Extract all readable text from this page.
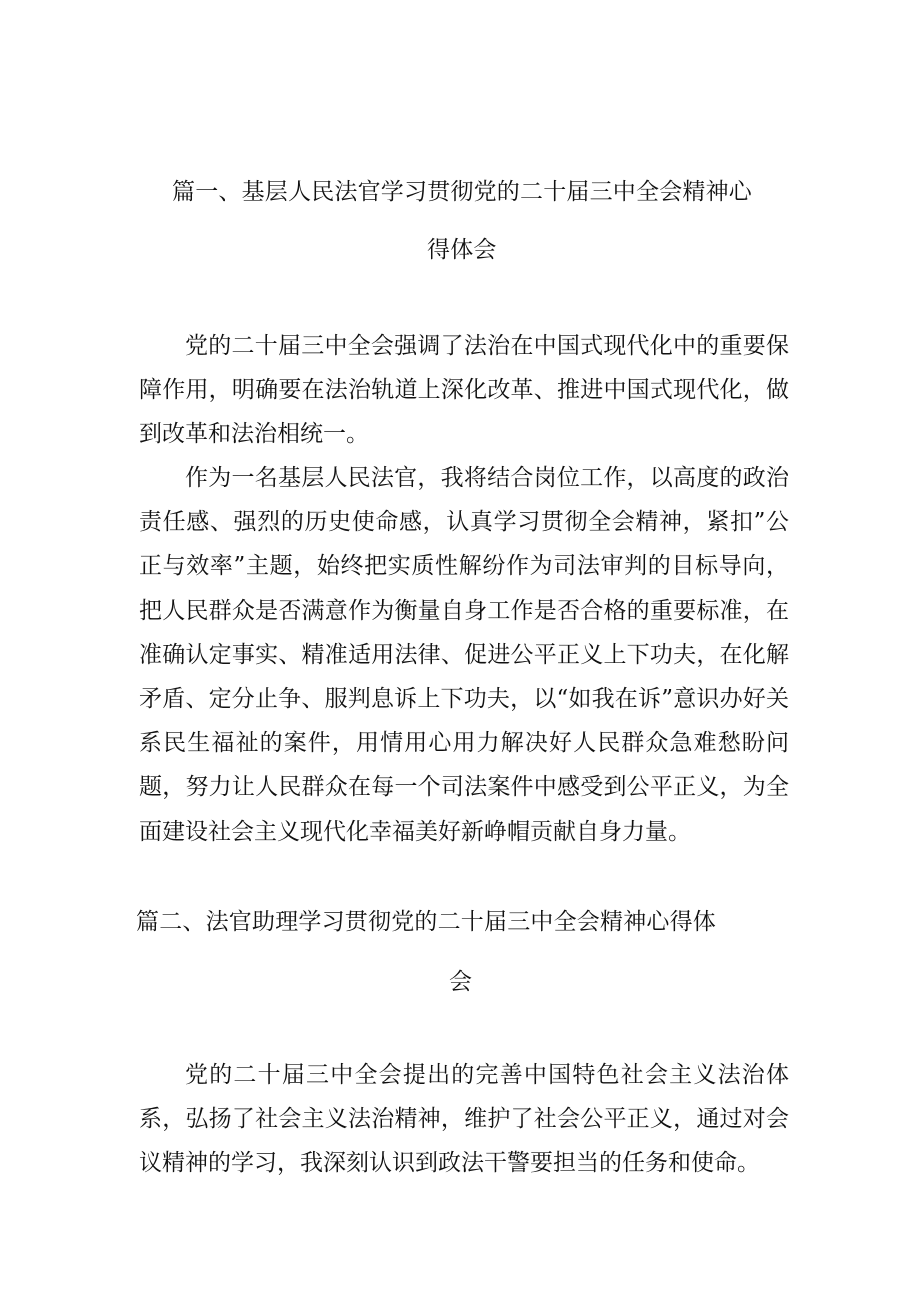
篇一、基层人民法官学习贯彻党的二十届三中全会精神心
得体会

党的二十届三中全会强调了法治在中国式现代化中的重要保障作用，明确要在法治轨道上深化改革、推进中国式现代化，做到改革和法治相统一。

作为一名基层人民法官，我将结合岗位工作，以高度的政治责任感、强烈的历史使命感，认真学习贯彻全会精神，紧扣”公正与效率”主题，始终把实质性解纷作为司法审判的目标导向，把人民群众是否满意作为衡量自身工作是否合格的重要标准，在准确认定事实、精准适用法律、促进公平正义上下功夫，在化解矛盾、定分止争、服判息诉上下功夫，以“如我在诉”意识办好关系民生福祉的案件，用情用心用力解决好人民群众急难愁盼问题，努力让人民群众在每一个司法案件中感受到公平正义，为全面建设社会主义现代化幸福美好新峥帽贡献自身力量。

篇二、法官助理学习贯彻党的二十届三中全会精神心得体
会

党的二十届三中全会提出的完善中国特色社会主义法治体系，弘扬了社会主义法治精神，维护了社会公平正义，通过对会议精神的学习，我深刻认识到政法干警要担当的任务和使命。
